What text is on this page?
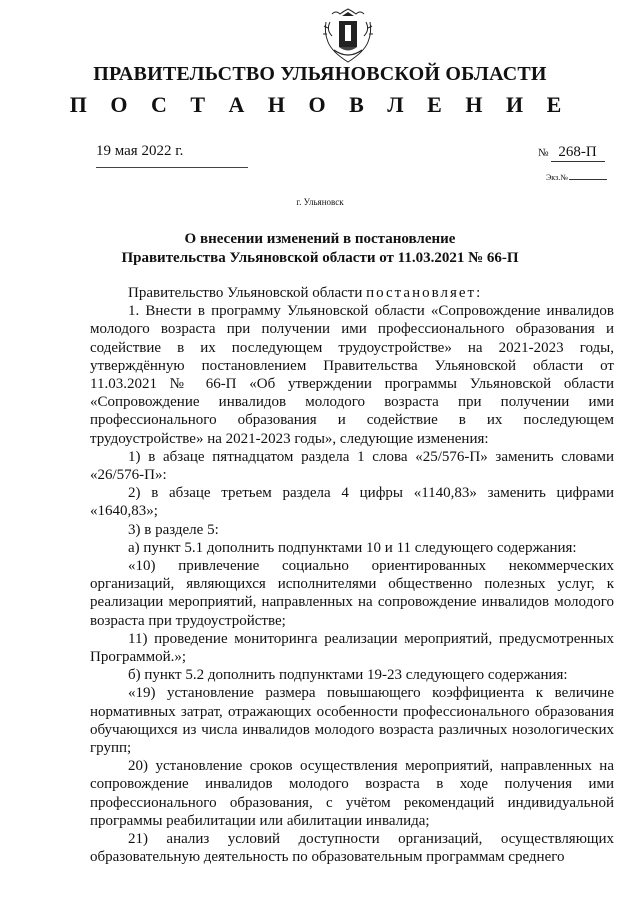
ПРАВИТЕЛЬСТВО УЛЬЯНОВСКОЙ ОБЛАСТИ
П О С Т А Н О В Л Е Н И Е
19 мая 2022 г.	№ 268-П
Экз.№
г. Ульяновск
О внесении изменений в постановление
Правительства Ульяновской области от 11.03.2021 № 66-П

Правительство Ульяновской области постановляет:

1. Внести в программу Ульяновской области «Сопровождение инвалидов молодого возраста при получении ими профессионального образования и содействие в их последующем трудоустройстве» на 2021-2023 годы, утверждённую постановлением Правительства Ульяновской области от 11.03.2021 № 66-П «Об утверждении программы Ульяновской области «Сопровождение инвалидов молодого возраста при получении ими профессионального образования и содействие в их последующем трудоустройстве» на 2021-2023 годы», следующие изменения:

1) в абзаце пятнадцатом раздела 1 слова «25/576-П» заменить словами «26/576-П»:

2) в абзаце третьем раздела 4 цифры «1140,83» заменить цифрами «1640,83»;

3) в разделе 5:

а) пункт 5.1 дополнить подпунктами 10 и 11 следующего содержания:

«10) привлечение социально ориентированных некоммерческих организаций, являющихся исполнителями общественно полезных услуг, к реализации мероприятий, направленных на сопровождение инвалидов молодого возраста при трудоустройстве;

11) проведение мониторинга реализации мероприятий, предусмотренных Программой.»;

б) пункт 5.2 дополнить подпунктами 19-23 следующего содержания:

«19) установление размера повышающего коэффициента к величине нормативных затрат, отражающих особенности профессионального образования обучающихся из числа инвалидов молодого возраста различных нозологических групп;

20) установление сроков осуществления мероприятий, направленных на сопровождение инвалидов молодого возраста в ходе получения ими профессионального образования, с учётом рекомендаций индивидуальной программы реабилитации или абилитации инвалида;

21) анализ условий доступности организаций, осуществляющих образовательную деятельность по образовательным программам среднего
